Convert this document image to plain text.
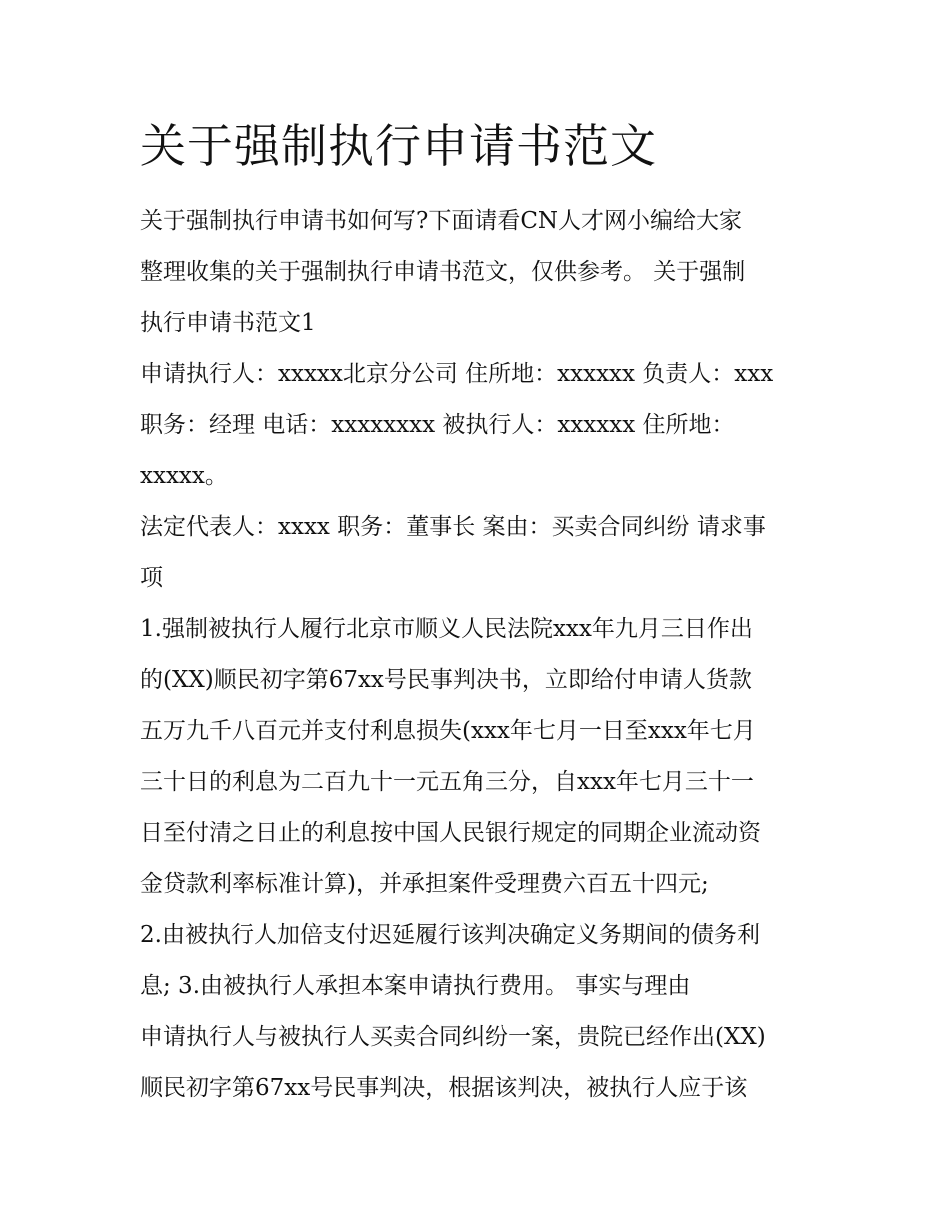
关于强制执行申请书范文
关于强制执行申请书如何写?下面请看CN人才网小编给大家
整理收集的关于强制执行申请书范文，仅供参考。 关于强制
执行申请书范文1
申请执行人：xxxxx北京分公司 住所地：xxxxxx 负责人：xxx
职务：经理 电话：xxxxxxxx 被执行人：xxxxxx 住所地：
xxxxx。
法定代表人：xxxx 职务：董事长 案由：买卖合同纠纷 请求事
项
1.强制被执行人履行北京市顺义人民法院xxx年九月三日作出
的(XX)顺民初字第67xx号民事判决书，立即给付申请人货款
五万九千八百元并支付利息损失(xxx年七月一日至xxx年七月
三十日的利息为二百九十一元五角三分，自xxx年七月三十一
日至付清之日止的利息按中国人民银行规定的同期企业流动资
金贷款利率标准计算)，并承担案件受理费六百五十四元;
2.由被执行人加倍支付迟延履行该判决确定义务期间的债务利
息; 3.由被执行人承担本案申请执行费用。 事实与理由
申请执行人与被执行人买卖合同纠纷一案，贵院已经作出(XX)
顺民初字第67xx号民事判决，根据该判决，被执行人应于该
